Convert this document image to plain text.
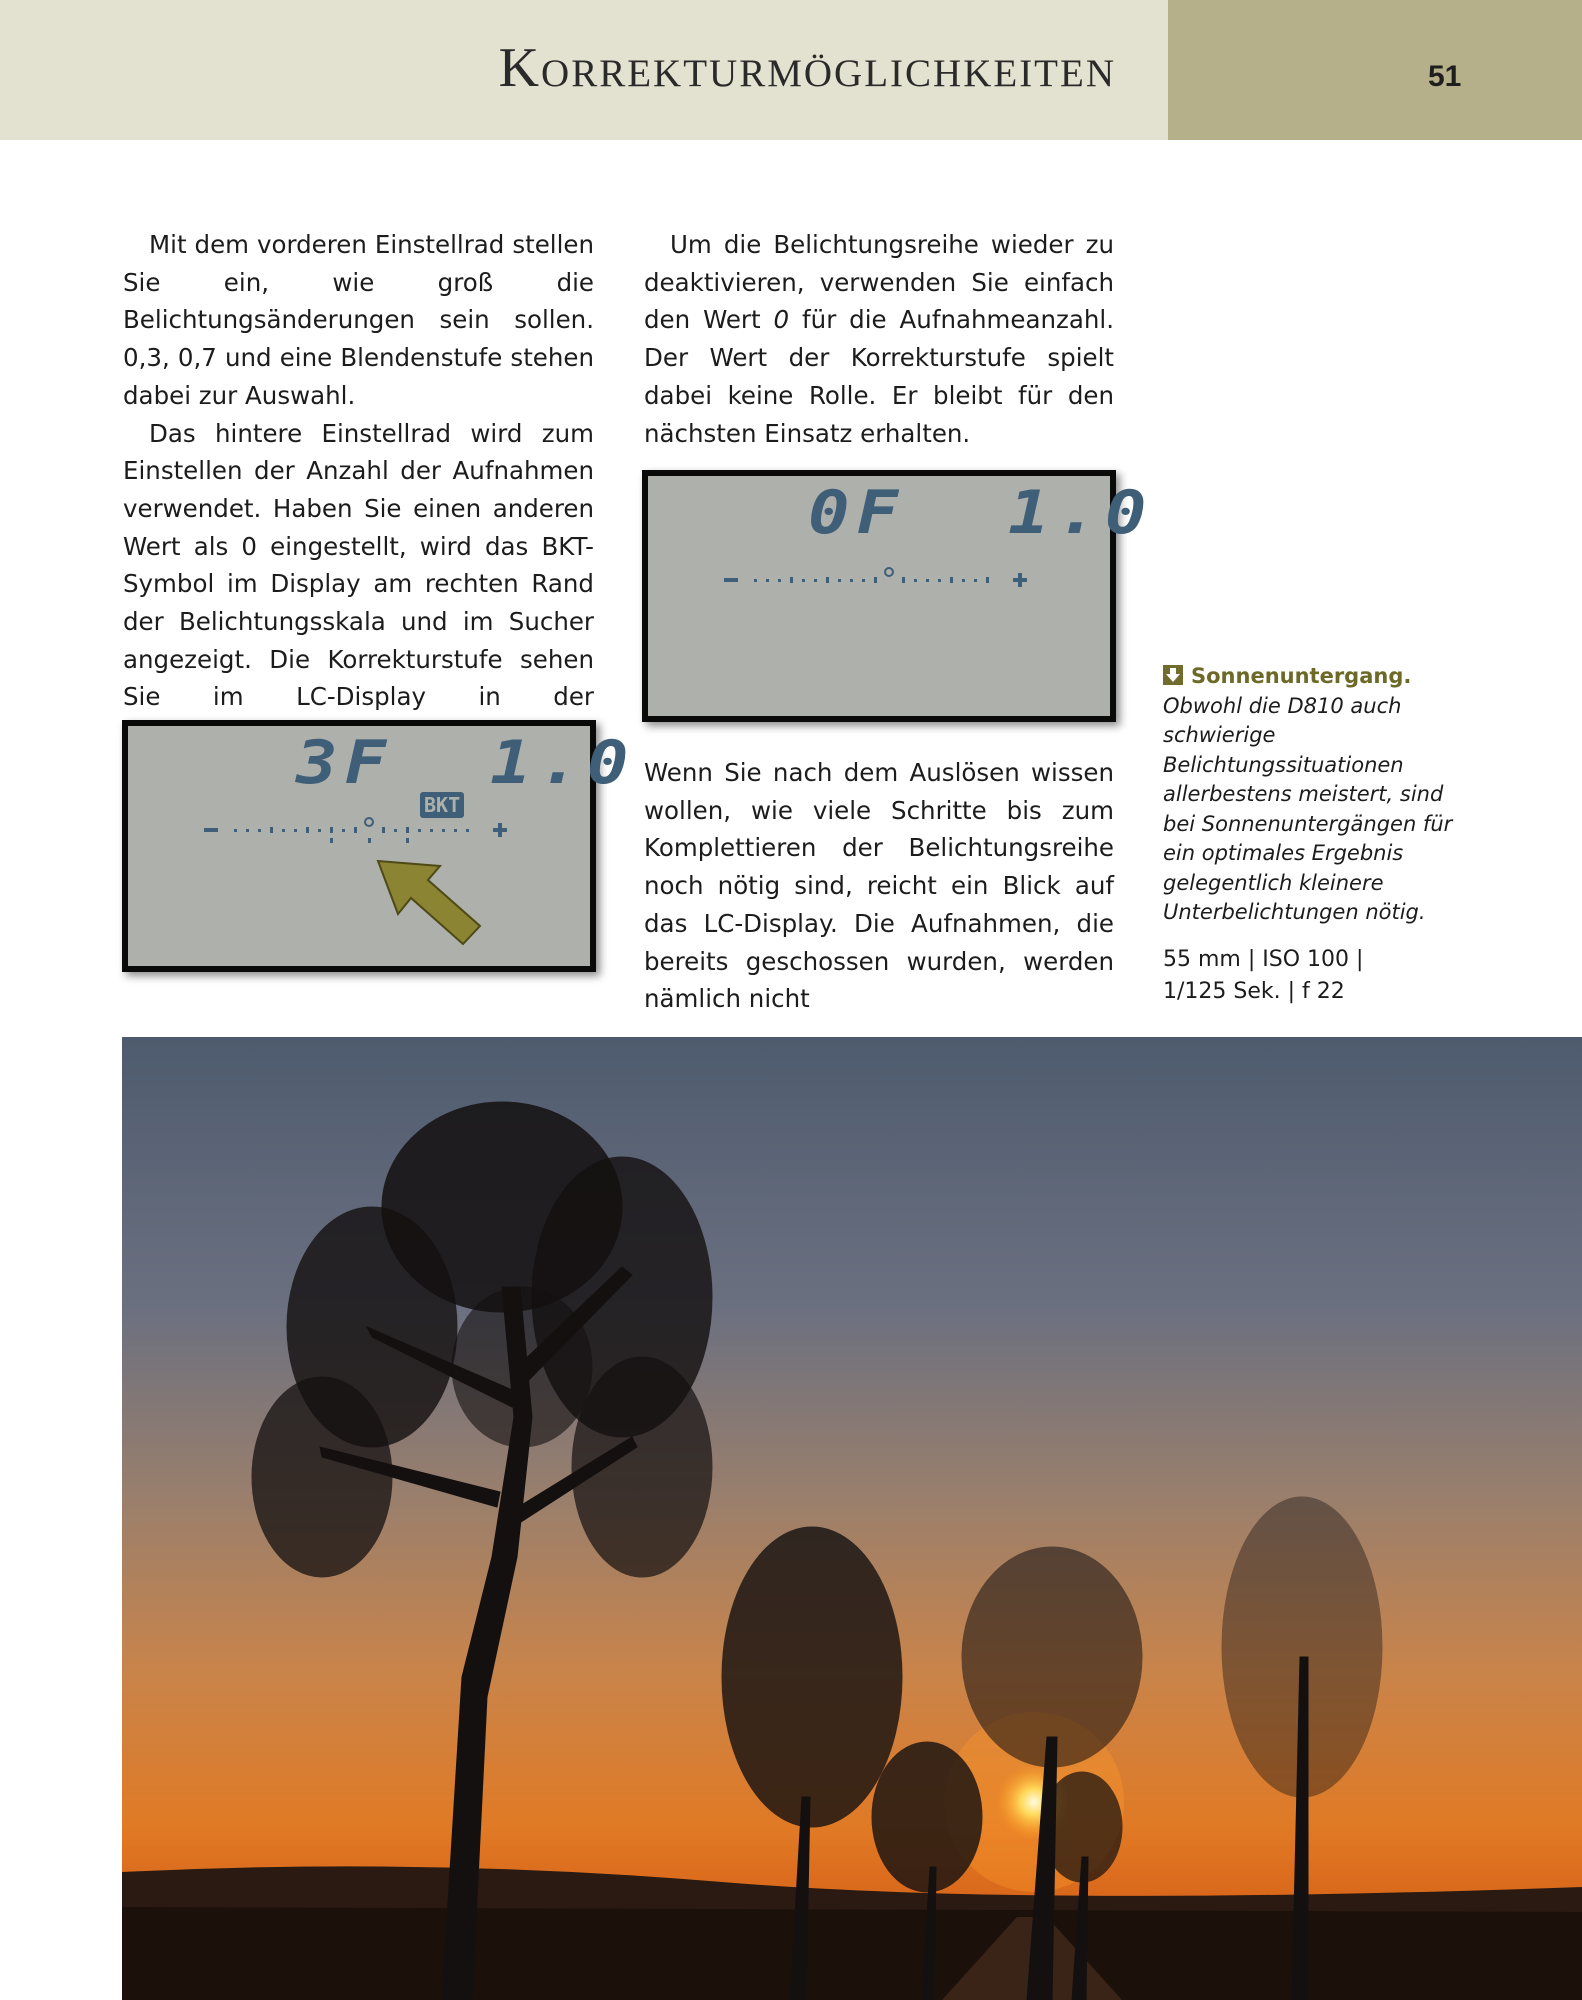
Korrekturmöglichkeiten	51

Mit dem vorderen Einstellrad stellen Sie ein, wie groß die Belichtungsänderungen sein sollen. 0,3, 0,7 und eine Blendenstufe stehen dabei zur Auswahl.

Das hintere Einstellrad wird zum Einstellen der Anzahl der Aufnahmen verwendet. Haben Sie einen anderen Wert als 0 eingestellt, wird das BKT-Symbol im Display am rechten Rand der Belichtungsskala und im Sucher angezeigt. Die Korrekturstufe sehen Sie im LC-Display in der

Um die Belichtungsreihe wieder zu deaktivieren, verwenden Sie einfach den Wert 0 für die Aufnahmeanzahl. Der Wert der Korrekturstufe spielt dabei keine Rolle. Er bleibt für den nächsten Einsatz erhalten.

Wenn Sie nach dem Auslösen wissen wollen, wie viele Schritte bis zum Komplettieren der Belichtungsreihe noch nötig sind, reicht ein Blick auf das LC-Display. Die Aufnahmen, die bereits geschossen wurden, werden nämlich nicht

3F 1.0
BKT
0F 1.0
Sonnenuntergang. Obwohl die D810 auch schwierige Belichtungssituationen allerbestens meistert, sind bei Sonnenuntergängen für ein optimales Ergebnis gelegentlich kleinere Unterbelichtungen nötig.
55 mm | ISO 100 |
1/125 Sek. | f 22
